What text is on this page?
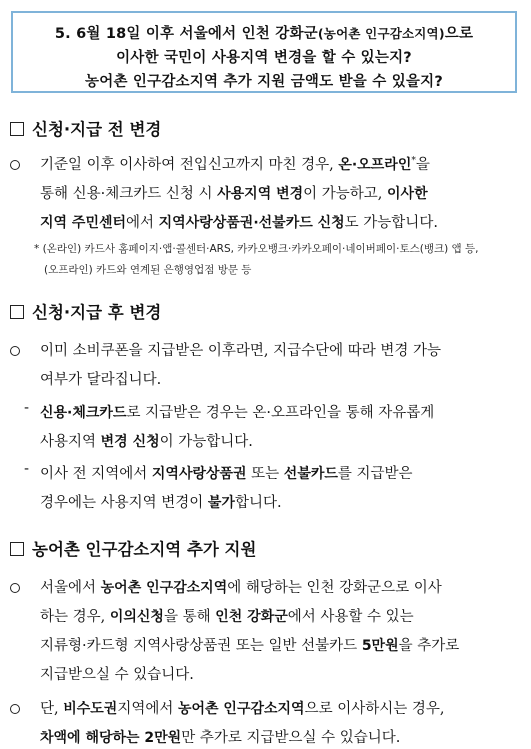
5. 6월 18일 이후 서울에서 인천 강화군(농어촌 인구감소지역)으로
이사한 국민이 사용지역 변경을 할 수 있는지?
농어촌 인구감소지역 추가 지원 금액도 받을 수 있을지?
신청·지급 전 변경
기준일 이후 이사하여 전입신고까지 마친 경우, 온·오프라인*을
통해 신용·체크카드 신청 시 사용지역 변경이 가능하고, 이사한
지역 주민센터에서 지역사랑상품권·선불카드 신청도 가능합니다.
* (온라인) 카드사 홈페이지·앱·콜센터·ARS, 카카오뱅크·카카오페이·네이버페이·토스(뱅크) 앱 등,
(오프라인) 카드와 연계된 은행영업점 방문 등
신청·지급 후 변경
이미 소비쿠폰을 지급받은 이후라면, 지급수단에 따라 변경 가능
여부가 달라집니다.
- 신용·체크카드로 지급받은 경우는 온·오프라인을 통해 자유롭게
사용지역 변경 신청이 가능합니다.
- 이사 전 지역에서 지역사랑상품권 또는 선불카드를 지급받은
경우에는 사용지역 변경이 불가합니다.
농어촌 인구감소지역 추가 지원
서울에서 농어촌 인구감소지역에 해당하는 인천 강화군으로 이사
하는 경우, 이의신청을 통해 인천 강화군에서 사용할 수 있는
지류형·카드형 지역사랑상품권 또는 일반 선불카드 5만원을 추가로
지급받으실 수 있습니다.
단, 비수도권지역에서 농어촌 인구감소지역으로 이사하시는 경우,
차액에 해당하는 2만원만 추가로 지급받으실 수 있습니다.
